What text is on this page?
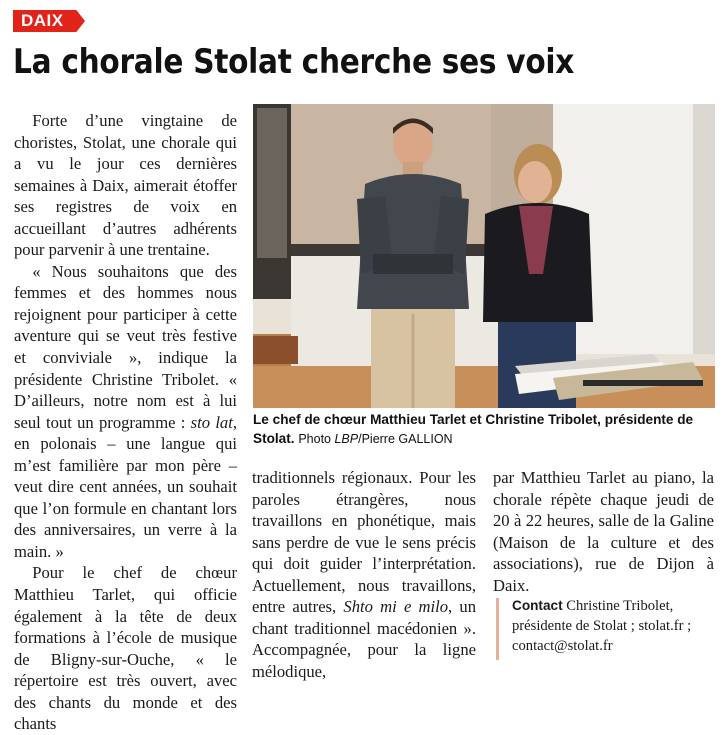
DAIX
La chorale Stolat cherche ses voix

Forte d’une vingtaine de choristes, Stolat, une chorale qui a vu le jour ces dernières semaines à Daix, aimerait étoffer ses registres de voix en accueillant d’autres adhérents pour parvenir à une trentaine.

« Nous souhaitons que des femmes et des hommes nous rejoignent pour participer à cette aventure qui se veut très festive et conviviale », indique la présidente Christine Tribolet. « D’ailleurs, notre nom est à lui seul tout un programme : sto lat, en polonais – une langue qui m’est familière par mon père – veut dire cent années, un souhait que l’on formule en chantant lors des anniversaires, un verre à la main. »

Pour le chef de chœur Matthieu Tarlet, qui officie également à la tête de deux formations à l’école de musique de Bligny-sur-Ouche, « le répertoire est très ouvert, avec des chants du monde et des chants

traditionnels régionaux. Pour les paroles étrangères, nous travaillons en phonétique, mais sans perdre de vue le sens précis qui doit guider l’interprétation. Actuellement, nous travaillons, entre autres, Shto mi e milo, un chant traditionnel macédonien ». Accompagnée, pour la ligne mélodique,
par Matthieu Tarlet au piano, la chorale répète chaque jeudi de 20 à 22 heures, salle de la Galine (Maison de la culture et des associations), rue de Dijon à Daix.
Le chef de chœur Matthieu Tarlet et Christine Tribolet, présidente de Stolat. Photo LBP/Pierre GALLION
Contact Christine Tribolet, présidente de Stolat ; stolat.fr ; contact@stolat.fr
